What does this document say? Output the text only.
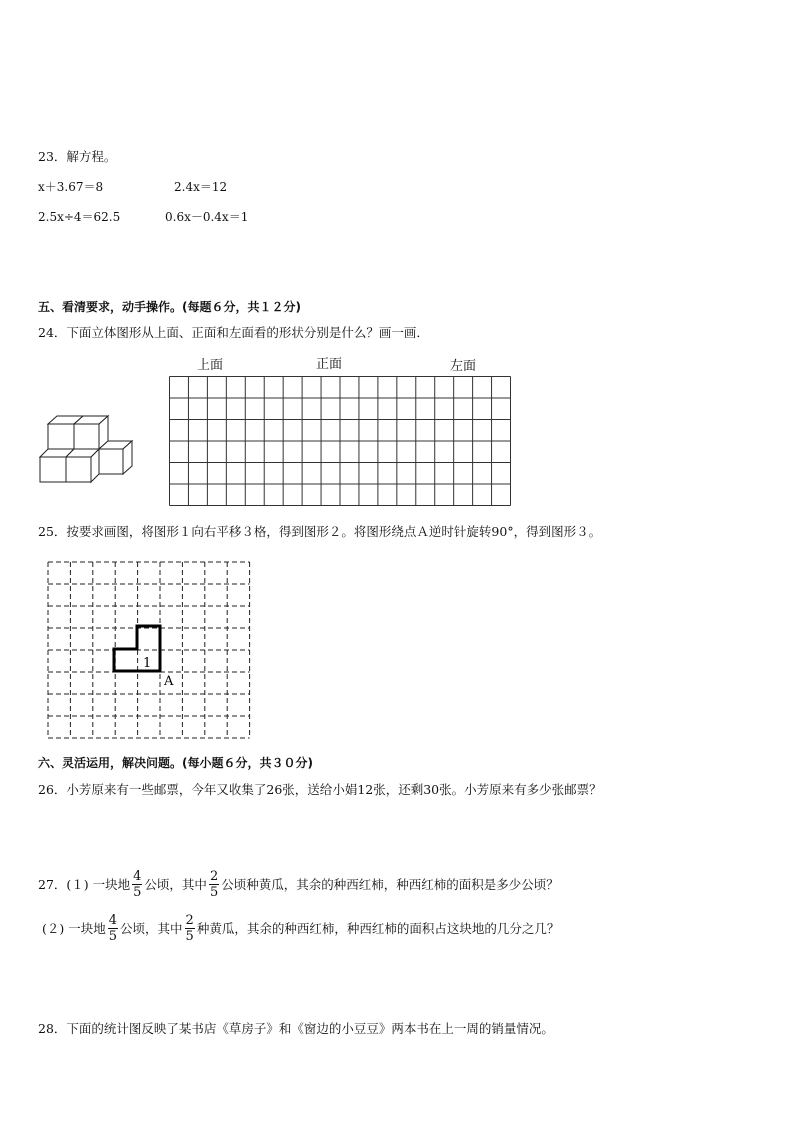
23．解方程。
x＋3.67＝8	2.4x＝12
2.5x÷4＝62.5	0.6x－0.4x＝1
五、看清要求，动手操作。(每题６分，共１２分)
24．下面立体图形从上面、正面和左面看的形状分别是什么？画一画．
上面	正面	左面
25．按要求画图，将图形１向右平移３格，得到图形２。将图形绕点Ａ逆时针旋转90°，得到图形３。
1
A
六、灵活运用，解决问题。(每小题６分，共３０分)
26．小芳原来有一些邮票，今年又收集了26张，送给小娟12张，还剩30张。小芳原来有多少张邮票？
27．(１) 一块地 $\frac{4}{5}$ 公顷，其中 $\frac{2}{5}$ 公顷种黄瓜，其余的种西红柿，种西红柿的面积是多少公顷？
(２) 一块地 $\frac{4}{5}$ 公顷，其中 $\frac{2}{5}$ 种黄瓜，其余的种西红柿，种西红柿的面积占这块地的几分之几？
28．下面的统计图反映了某书店《草房子》和《窗边的小豆豆》两本书在上一周的销量情况。
